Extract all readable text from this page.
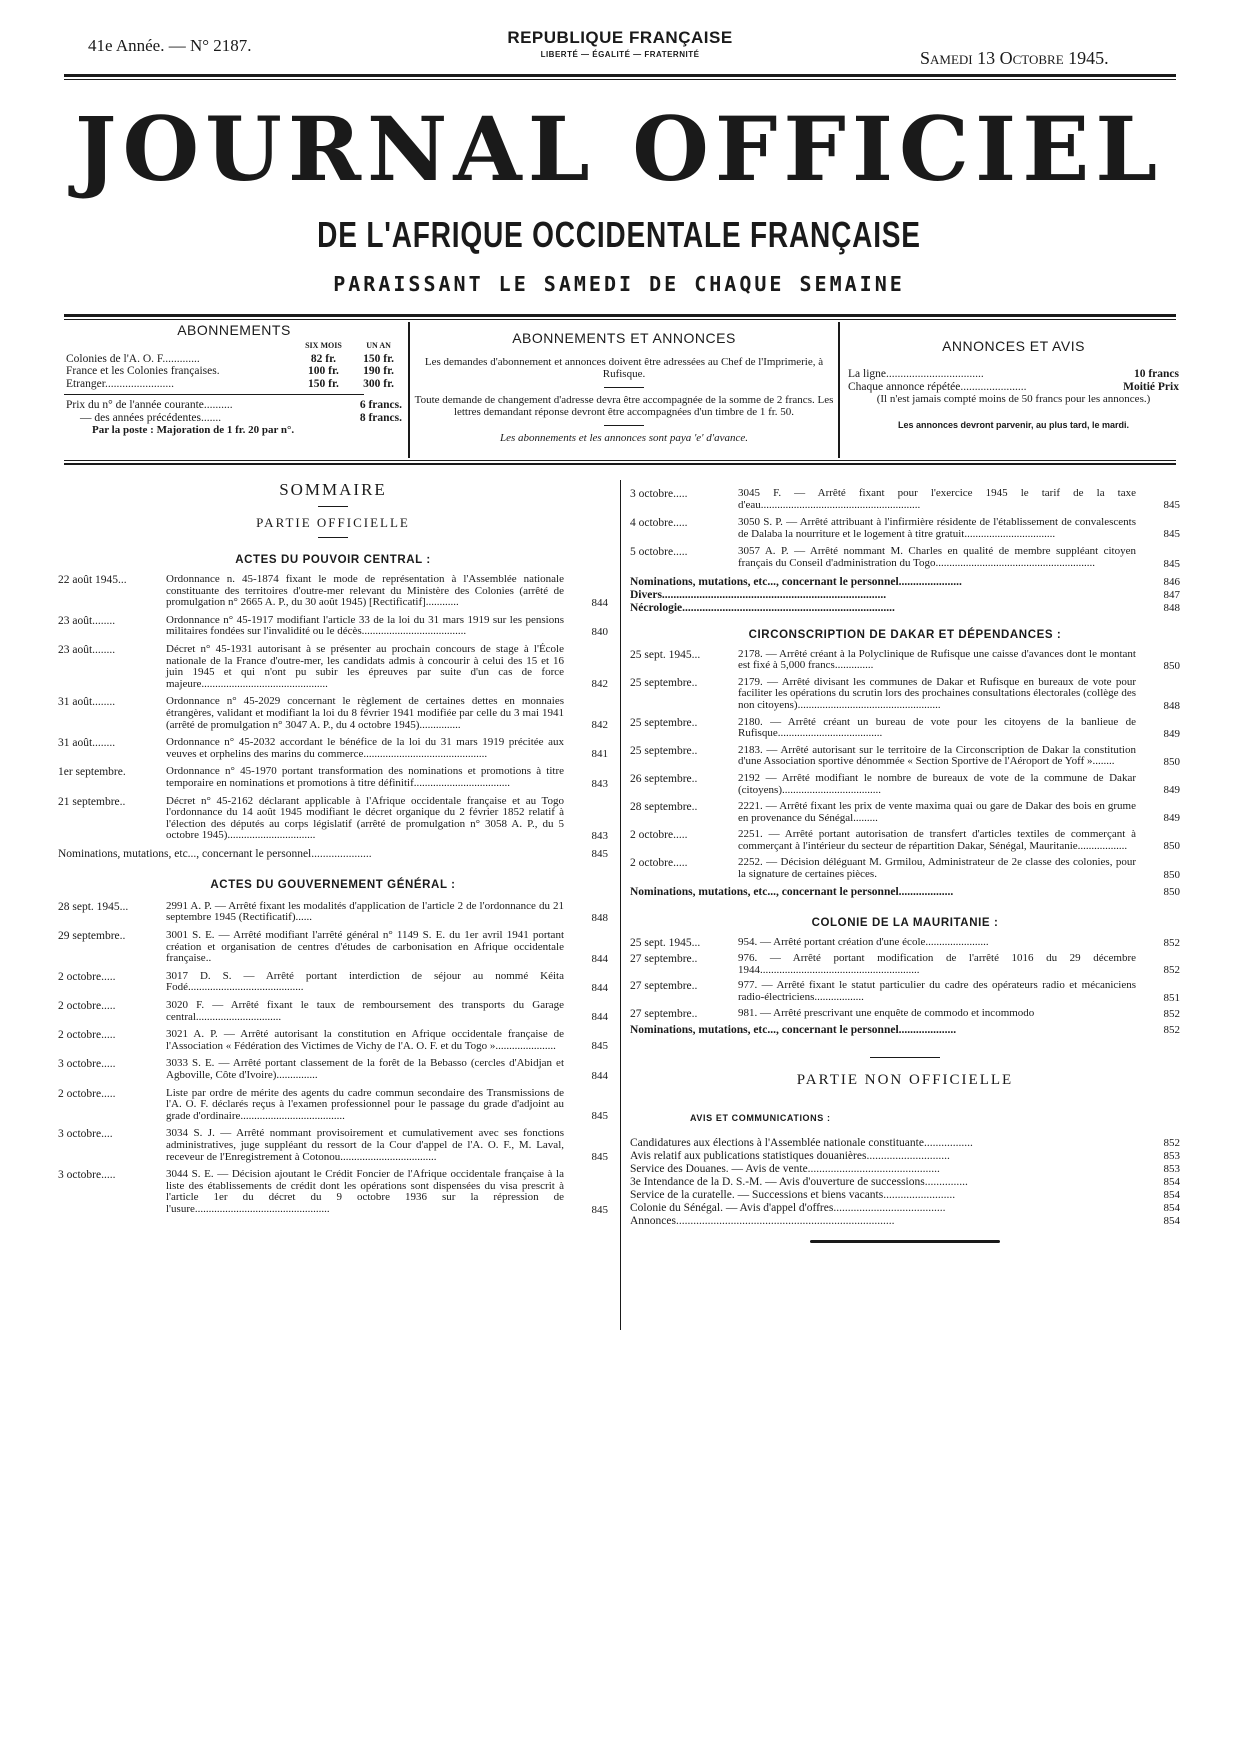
41e Année. — N° 2187.	REPUBLIQUE FRANÇAISE
LIBERTÉ — ÉGALITÉ — FRATERNITÉ	Samedi 13 Octobre 1945.
JOURNAL OFFICIEL
DE L'AFRIQUE OCCIDENTALE FRANÇAISE
PARAISSANT LE SAMEDI DE CHAQUE SEMAINE
ABONNEMENTS
	SIX MOIS	UN AN
Colonies de l'A. O. F.............	82 fr.	150 fr.
France et les Colonies françaises.	100 fr.	190 fr.
Etranger........................	150 fr.	300 fr.
Prix du n° de l'année courante..........	6 francs.
— des années précédentes.......	8 francs.
Par la poste : Majoration de 1 fr. 20 par n°.
ABONNEMENTS ET ANNONCES
Les demandes d'abonnement et annonces doivent être adressées au Chef de l'Imprimerie, à Rufisque.
Toute demande de changement d'adresse devra être accompagnée de la somme de 2 francs. Les lettres demandant réponse devront être accompagnées d'un timbre de 1 fr. 50.
Les abonnements et les annonces sont paya 'e' d'avance.
ANNONCES ET AVIS
La ligne..................................	10 francs
Chaque annonce répétée.......................	Moitié Prix
(Il n'est jamais compté moins de 50 francs pour les annonces.)
Les annonces devront parvenir, au plus tard, le mardi.
SOMMAIRE
PARTIE OFFICIELLE
ACTES DU POUVOIR CENTRAL :
22 août 1945...	Ordonnance n. 45-1874 fixant le mode de représentation à l'Assemblée nationale constituante des territoires d'outre-mer relevant du Ministère des Colonies (arrêté de promulgation n° 2665 A. P., du 30 août 1945) [Rectificatif]............	844
23 août........	Ordonnance n° 45-1917 modifiant l'article 33 de la loi du 31 mars 1919 sur les pensions militaires fondées sur l'invalidité ou le décès......................................	840
23 août........	Décret n° 45-1931 autorisant à se présenter au prochain concours de stage à l'École nationale de la France d'outre-mer, les candidats admis à concourir à celui des 15 et 16 juin 1945 et qui n'ont pu subir les épreuves par suite d'un cas de force majeure..............................................	842
31 août........	Ordonnance n° 45-2029 concernant le règlement de certaines dettes en monnaies étrangères, validant et modifiant la loi du 8 février 1941 modifiée par celle du 3 mai 1941 (arrêté de promulgation n° 3047 A. P., du 4 octobre 1945)...............	842
31 août........	Ordonnance n° 45-2032 accordant le bénéfice de la loi du 31 mars 1919 précitée aux veuves et orphelins des marins du commerce.............................................	841
1er septembre.	Ordonnance n° 45-1970 portant transformation des nominations et promotions à titre temporaire en nominations et promotions à titre définitif...................................	843
21 septembre..	Décret n° 45-2162 déclarant applicable à l'Afrique occidentale française et au Togo l'ordonnance du 14 août 1945 modifiant le décret organique du 2 février 1852 relatif à l'élection des députés au corps législatif (arrêté de promulgation n° 3058 A. P., du 5 octobre 1945)................................	843
Nominations, mutations, etc..., concernant le personnel.....................	845
ACTES DU GOUVERNEMENT GÉNÉRAL :
28 sept. 1945...	2991 A. P. — Arrêté fixant les modalités d'application de l'article 2 de l'ordonnance du 21 septembre 1945 (Rectificatif)......	848
29 septembre..	3001 S. E. — Arrêté modifiant l'arrêté général n° 1149 S. E. du 1er avril 1941 portant création et organisation de centres d'études de carbonisation en Afrique occidentale française..	844
2 octobre.....	3017 D. S. — Arrêté portant interdiction de séjour au nommé Kéita Fodé..........................................	844
2 octobre.....	3020 F. — Arrêté fixant le taux de remboursement des transports du Garage central...............................	844
2 octobre.....	3021 A. P. — Arrêté autorisant la constitution en Afrique occidentale française de l'Association « Fédération des Victimes de Vichy de l'A. O. F. et du Togo »......................	845
3 octobre.....	3033 S. E. — Arrêté portant classement de la forêt de la Bebasso (cercles d'Abidjan et Agboville, Côte d'Ivoire)...............	844
2 octobre.....	Liste par ordre de mérite des agents du cadre commun secondaire des Transmissions de l'A. O. F. déclarés reçus à l'examen professionnel pour le passage du grade d'adjoint au grade d'ordinaire......................................	845
3 octobre....	3034 S. J. — Arrêté nommant provisoirement et cumulativement avec ses fonctions administratives, juge suppléant du ressort de la Cour d'appel de l'A. O. F., M. Laval, receveur de l'Enregistrement à Cotonou...................................	845
3 octobre.....	3044 S. E. — Décision ajoutant le Crédit Foncier de l'Afrique occidentale française à la liste des établissements de crédit dont les opérations sont dispensées du visa prescrit à l'article 1er du décret du 9 octobre 1936 sur la répression de l'usure.................................................	845
3 octobre.....	3045 F. — Arrêté fixant pour l'exercice 1945 le tarif de la taxe d'eau..........................................................	845
4 octobre.....	3050 S. P. — Arrêté attribuant à l'infirmière résidente de l'établissement de convalescents de Dalaba la nourriture et le logement à titre gratuit.................................	845
5 octobre.....	3057 A. P. — Arrêté nommant M. Charles en qualité de membre suppléant citoyen français du Conseil d'administration du Togo..........................................................	845
Nominations, mutations, etc..., concernant le personnel......................	846
Divers..............................................................................	847
Nécrologie..........................................................................	848
CIRCONSCRIPTION DE DAKAR ET DÉPENDANCES :
25 sept. 1945...	2178. — Arrêté créant à la Polyclinique de Rufisque une caisse d'avances dont le montant est fixé à 5,000 francs..............	850
25 septembre..	2179. — Arrêté divisant les communes de Dakar et Rufisque en bureaux de vote pour faciliter les opérations du scrutin lors des prochaines consultations électorales (collège des non citoyens)....................................................	848
25 septembre..	2180. — Arrêté créant un bureau de vote pour les citoyens de la banlieue de Rufisque......................................	849
25 septembre..	2183. — Arrêté autorisant sur le territoire de la Circonscription de Dakar la constitution d'une Association sportive dénommée « Section Sportive de l'Aéroport de Yoff »........	850
26 septembre..	2192 — Arrêté modifiant le nombre de bureaux de vote de la commune de Dakar (citoyens)....................................	849
28 septembre..	2221. — Arrêté fixant les prix de vente maxima quai ou gare de Dakar des bois en grume en provenance du Sénégal.........	849
2 octobre.....	2251. — Arrêté portant autorisation de transfert d'articles textiles de commerçant à commerçant à l'intérieur du secteur de répartition Dakar, Sénégal, Mauritanie..................	850
2 octobre.....	2252. — Décision déléguant M. Grmilou, Administrateur de 2e classe des colonies, pour la signature de certaines pièces.	850
Nominations, mutations, etc..., concernant le personnel...................	850
COLONIE DE LA MAURITANIE :
25 sept. 1945...	954. — Arrêté portant création d'une école.......................	852
27 septembre..	976. — Arrêté portant modification de l'arrêté 1016 du 29 décembre 1944..........................................................	852
27 septembre..	977. — Arrêté fixant le statut particulier du cadre des opérateurs radio et mécaniciens radio-électriciens..................	851
27 septembre..	981. — Arrêté prescrivant une enquête de commodo et incommodo	852
Nominations, mutations, etc..., concernant le personnel....................	852
PARTIE NON OFFICIELLE
AVIS ET COMMUNICATIONS :
Candidatures aux élections à l'Assemblée nationale constituante.................	852
Avis relatif aux publications statistiques douanières.............................	853
Service des Douanes. — Avis de vente..............................................	853
3e Intendance de la D. S.-M. — Avis d'ouverture de successions...............	854
Service de la curatelle. — Successions et biens vacants.........................	854
Colonie du Sénégal. — Avis d'appel d'offres.......................................	854
Annonces............................................................................	854
